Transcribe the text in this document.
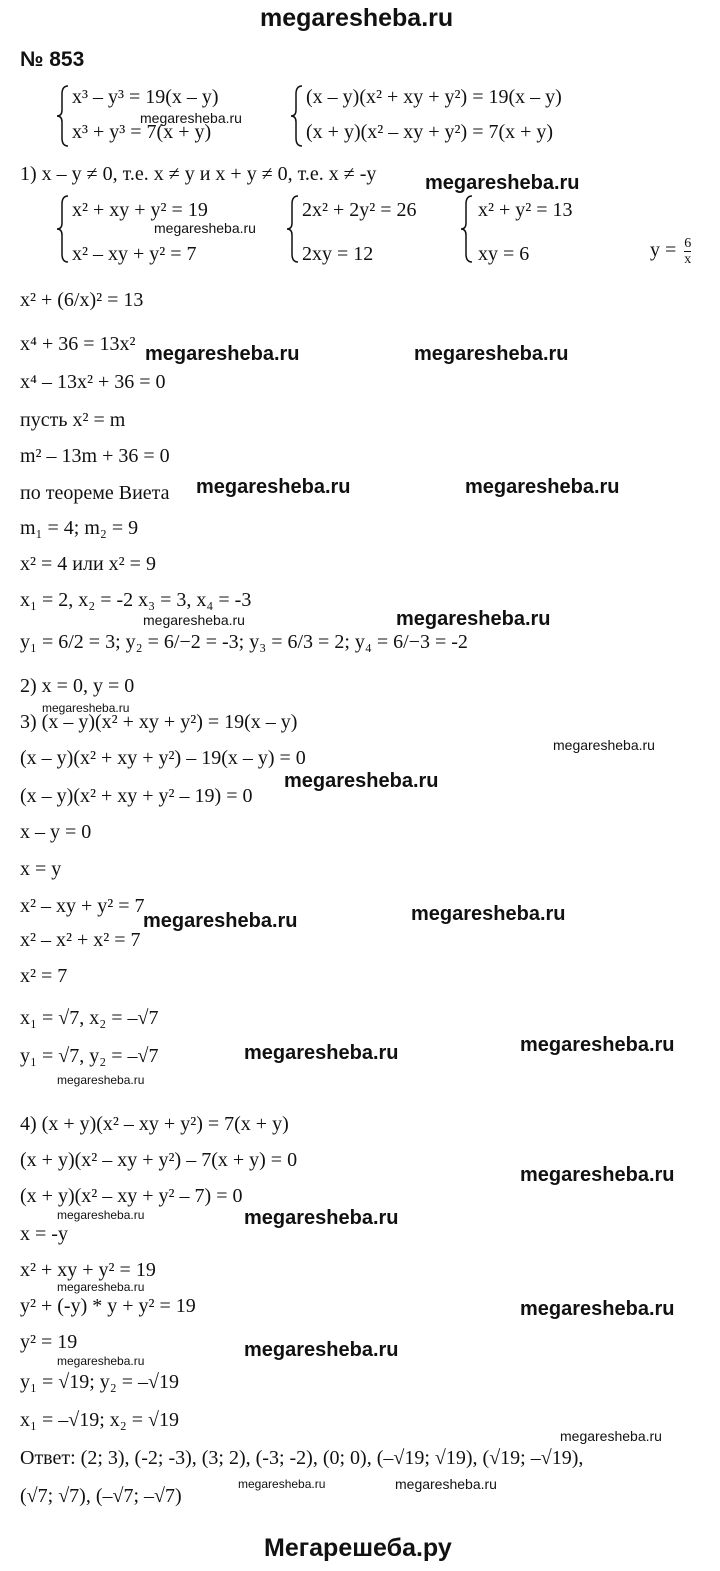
megaresheba.ru
№ 853
x³ – y³ = 19(x – y)
x³ + y³ = 7(x + y)
(x – y)(x² + xy + y²) = 19(x – y)
(x + y)(x² – xy + y²) = 7(x + y)
1) x – y ≠ 0, т.е. x ≠ y и x + y ≠ 0, т.е. x ≠ -y
x² + xy + y² = 19
x² – xy + y² = 7
2x² + 2y² = 26
2xy = 12
x² + y² = 13
xy = 6	$y = \frac{6}{x}$
x² + (6/x)² = 13
x⁴ + 36 = 13x²
x⁴ – 13x² + 36 = 0
пусть x² = m
m² – 13m + 36 = 0
по теореме Виета
m₁ = 4; m₂ = 9
x² = 4 или x² = 9
x₁ = 2, x₂ = -2 x₃ = 3, x₄ = -3
y₁ = 6/2 = 3; y₂ = 6/−2 = -3; y₃ = 6/3 = 2; y₄ = 6/−3 = -2
2) x = 0, y = 0
3) (x – y)(x² + xy + y²) = 19(x – y)
(x – y)(x² + xy + y²) – 19(x – y) = 0
(x – y)(x² + xy + y² – 19) = 0
x – y = 0
x = y
x² – xy + y² = 7
x² – x² + x² = 7
x² = 7
x₁ = √7, x₂ = –√7
y₁ = √7, y₂ = –√7
4) (x + y)(x² – xy + y²) = 7(x + y)
(x + y)(x² – xy + y²) – 7(x + y) = 0
(x + y)(x² – xy + y² – 7) = 0
x = -y
x² + xy + y² = 19
y² + (-y) * y + y² = 19
y² = 19
y₁ = √19; y₂ = –√19
x₁ = –√19; x₂ = √19
Ответ: (2; 3), (-2; -3), (3; 2), (-3; -2), (0; 0), (–√19; √19), (√19; –√19),
(√7; √7), (–√7; –√7)
megaresheba.ru
megaresheba.ru
megaresheba.ru
megaresheba.ru	megaresheba.ru
megaresheba.ru	megaresheba.ru
megaresheba.ru
megaresheba.ru
megaresheba.ru
megaresheba.ru
megaresheba.ru
megaresheba.ru	megaresheba.ru
megaresheba.ru	megaresheba.ru
megaresheba.ru
megaresheba.ru
megaresheba.ru	megaresheba.ru
megaresheba.ru
megaresheba.ru
megaresheba.ru
megaresheba.ru
megaresheba.ru
megaresheba.ru	megaresheba.ru
Мегарешеба.ру
